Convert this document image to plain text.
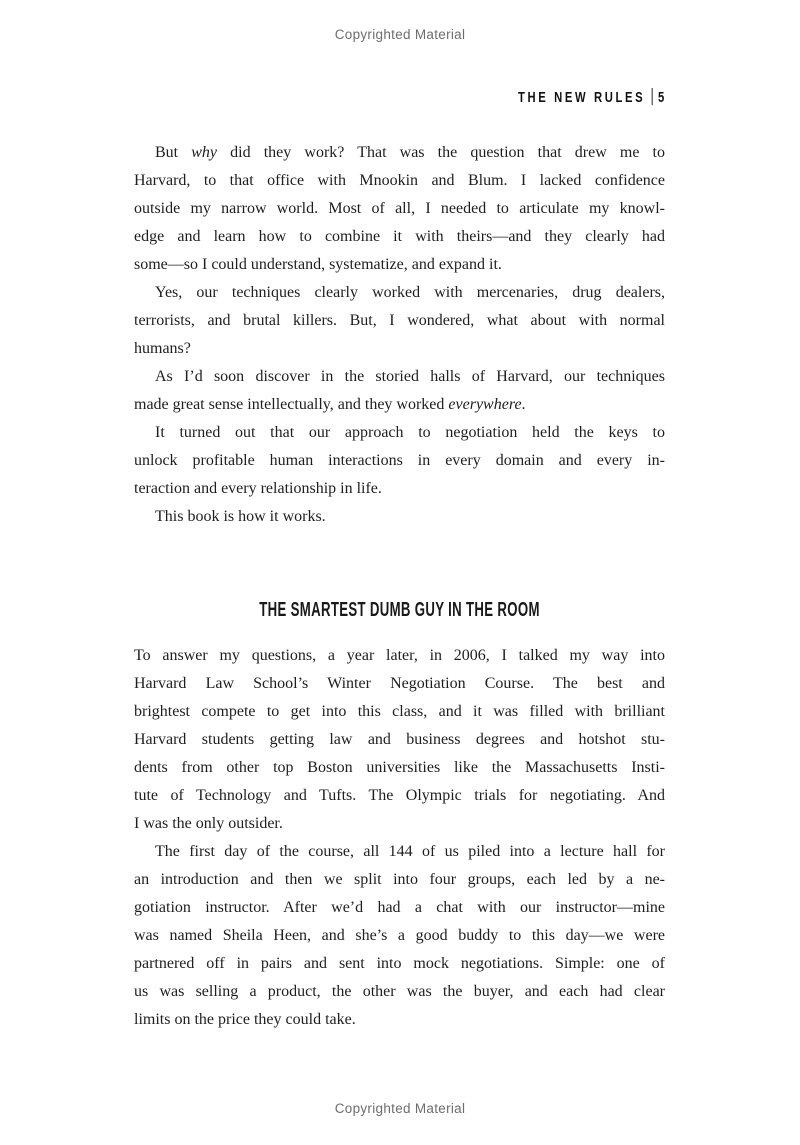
Copyrighted Material
THE NEW RULES 5
But why did they work? That was the question that drew me to
Harvard, to that office with Mnookin and Blum. I lacked confidence
outside my narrow world. Most of all, I needed to articulate my knowl-
edge and learn how to combine it with theirs—and they clearly had
some—so I could understand, systematize, and expand it.
Yes, our techniques clearly worked with mercenaries, drug dealers,
terrorists, and brutal killers. But, I wondered, what about with normal
humans?
As I’d soon discover in the storied halls of Harvard, our techniques
made great sense intellectually, and they worked everywhere.
It turned out that our approach to negotiation held the keys to
unlock profitable human interactions in every domain and every in-
teraction and every relationship in life.
This book is how it works.
THE SMARTEST DUMB GUY IN THE ROOM
To answer my questions, a year later, in 2006, I talked my way into
Harvard Law School’s Winter Negotiation Course. The best and
brightest compete to get into this class, and it was filled with brilliant
Harvard students getting law and business degrees and hotshot stu-
dents from other top Boston universities like the Massachusetts Insti-
tute of Technology and Tufts. The Olympic trials for negotiating. And
I was the only outsider.
The first day of the course, all 144 of us piled into a lecture hall for
an introduction and then we split into four groups, each led by a ne-
gotiation instructor. After we’d had a chat with our instructor—mine
was named Sheila Heen, and she’s a good buddy to this day—we were
partnered off in pairs and sent into mock negotiations. Simple: one of
us was selling a product, the other was the buyer, and each had clear
limits on the price they could take.
Copyrighted Material
